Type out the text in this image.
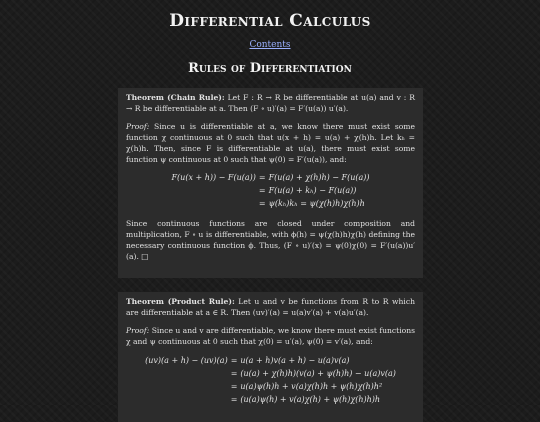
Differential Calculus
Contents
Rules of Differentiation

Theorem (Chain Rule): Let F : R → R be differentiable at u(a) and v : R → R be differentiable at a. Then (F ∘ u)′(a) = F′(u(a)) u′(a).

Proof: Since u is differentiable at a, we know there must exist some function χ continuous at 0 such that u(x + h) = u(a) + χ(h)h. Let kₕ = χ(h)h. Then, since F is differentiable at u(a), there must exist some function ψ continuous at 0 such that ψ(0) = F′(u(a)), and:

F(u(x + h)) − F(u(a)) = F(u(a) + χ(h)h) − F(u(a))
= F(u(a) + kₕ) − F(u(a))
= ψ(kₕ)kₕ = ψ(χ(h)h)χ(h)h

Since continuous functions are closed under composition and multiplication, F ∘ u is differentiable, with ϕ(h) = ψ(χ(h)h)χ(h) defining the necessary continuous function ϕ. Thus, (F ∘ u)′(x) = ψ(0)χ(0) = F′(u(a))u′(a). □

Theorem (Product Rule): Let u and v be functions from R to R which are differentiable at a ∈ R. Then (uv)′(a) = u(a)v′(a) + v(a)u′(a).

Proof: Since u and v are differentiable, we know there must exist functions χ and ψ continuous at 0 such that χ(0) = u′(a), ψ(0) = v′(a), and:

(uv)(a + h) − (uv)(a) = u(a + h)v(a + h) − u(a)v(a)
= (u(a) + χ(h)h)(v(a) + ψ(h)h) − u(a)v(a)
= u(a)ψ(h)h + v(a)χ(h)h + ψ(h)χ(h)h²
= (u(a)ψ(h) + v(a)χ(h) + ψ(h)χ(h)h)h
